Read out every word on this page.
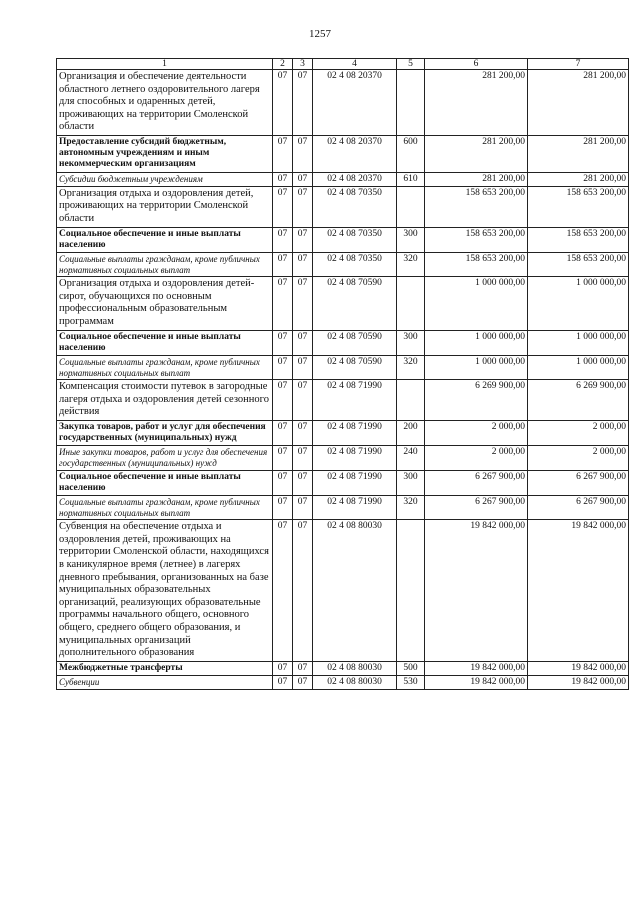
1257
1	2	3	4	5	6	7
Организация и обеспечение деятельности областного летнего оздоровительного лагеря для способных и одаренных детей, проживающих на территории Смоленской области	07	07	02 4 08 20370		281 200,00	281 200,00
Предоставление субсидий бюджетным, автономным учреждениям и иным некоммерческим организациям	07	07	02 4 08 20370	600	281 200,00	281 200,00
Субсидии бюджетным учреждениям	07	07	02 4 08 20370	610	281 200,00	281 200,00
Организация отдыха и оздоровления детей, проживающих на территории Смоленской области	07	07	02 4 08 70350		158 653 200,00	158 653 200,00
Социальное обеспечение и иные выплаты населению	07	07	02 4 08 70350	300	158 653 200,00	158 653 200,00
Социальные выплаты гражданам, кроме публичных нормативных социальных выплат	07	07	02 4 08 70350	320	158 653 200,00	158 653 200,00
Организация отдыха и оздоровления детей-сирот, обучающихся по основным профессиональным образовательным программам	07	07	02 4 08 70590		1 000 000,00	1 000 000,00
Социальное обеспечение и иные выплаты населению	07	07	02 4 08 70590	300	1 000 000,00	1 000 000,00
Социальные выплаты гражданам, кроме публичных нормативных социальных выплат	07	07	02 4 08 70590	320	1 000 000,00	1 000 000,00
Компенсация стоимости путевок в загородные лагеря отдыха и оздоровления детей сезонного действия	07	07	02 4 08 71990		6 269 900,00	6 269 900,00
Закупка товаров, работ и услуг для обеспечения государственных (муниципальных) нужд	07	07	02 4 08 71990	200	2 000,00	2 000,00
Иные закупки товаров, работ и услуг для обеспечения государственных (муниципальных) нужд	07	07	02 4 08 71990	240	2 000,00	2 000,00
Социальное обеспечение и иные выплаты населению	07	07	02 4 08 71990	300	6 267 900,00	6 267 900,00
Социальные выплаты гражданам, кроме публичных нормативных социальных выплат	07	07	02 4 08 71990	320	6 267 900,00	6 267 900,00
Субвенция на обеспечение отдыха и оздоровления детей, проживающих на территории Смоленской области, находящихся в каникулярное время (летнее) в лагерях дневного пребывания, организованных на базе муниципальных образовательных организаций, реализующих образовательные программы начального общего, основного общего, среднего общего образования, и муниципальных организаций дополнительного образования	07	07	02 4 08 80030		19 842 000,00	19 842 000,00
Межбюджетные трансферты	07	07	02 4 08 80030	500	19 842 000,00	19 842 000,00
Субвенции	07	07	02 4 08 80030	530	19 842 000,00	19 842 000,00
